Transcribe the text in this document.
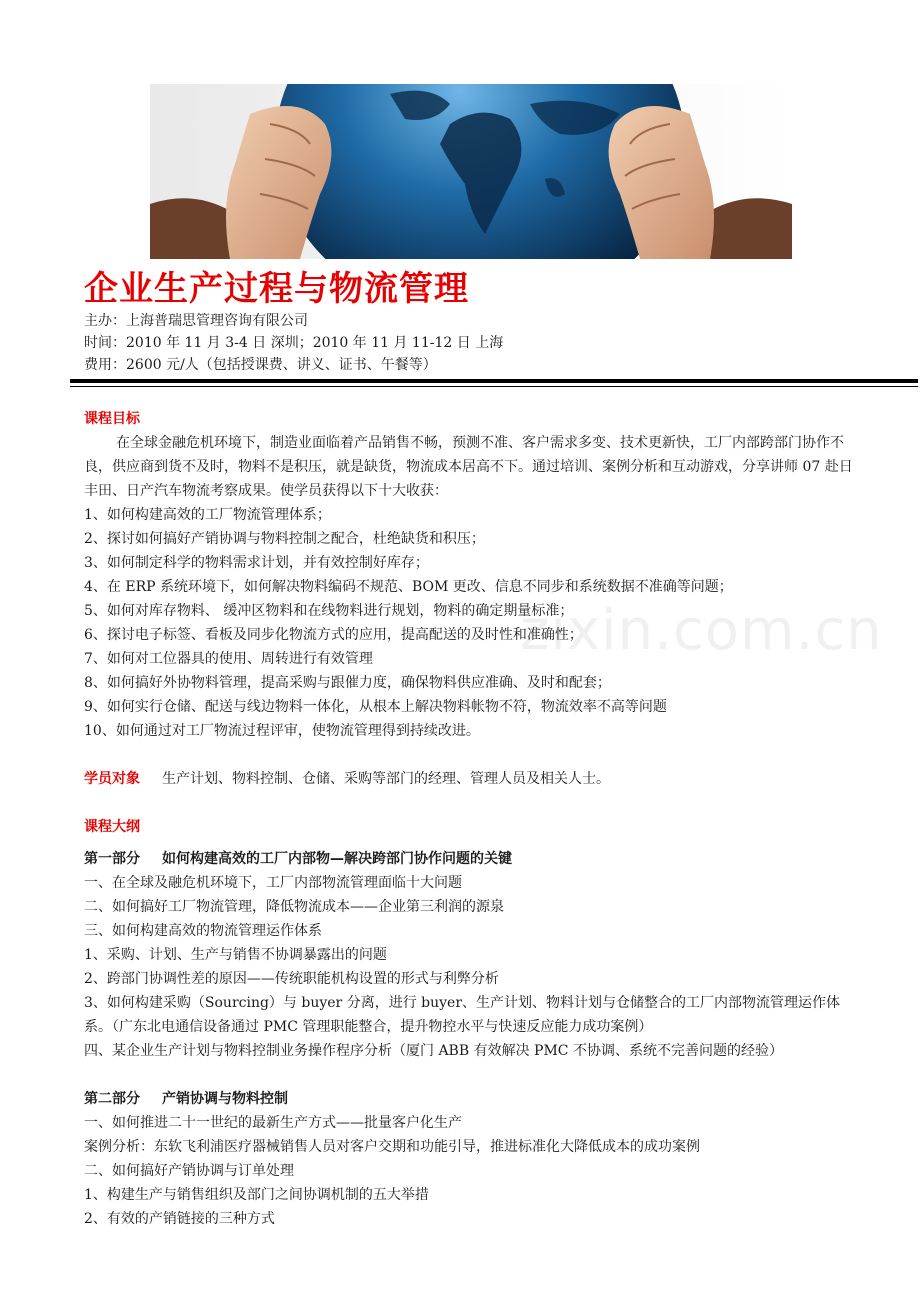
企业生产过程与物流管理
主办：上海普瑞思管理咨询有限公司
时间：2010 年 11 月 3-4 日 深圳；2010 年 11 月 11-12 日 上海
费用：2600 元/人（包括授课费、讲义、证书、午餐等）
zixin.com.cn

课程目标

在全球金融危机环境下，制造业面临着产品销售不畅，预测不准、客户需求多变、技术更新快，工厂内部跨部门协作不良，供应商到货不及时，物料不是积压，就是缺货，物流成本居高不下。通过培训、案例分析和互动游戏，分享讲师 07 赴日丰田、日产汽车物流考察成果。使学员获得以下十大收获：

1、如何构建高效的工厂物流管理体系；

2、探讨如何搞好产销协调与物料控制之配合，杜绝缺货和积压；

3、如何制定科学的物料需求计划，并有效控制好库存；

4、在 ERP 系统环境下，如何解决物料编码不规范、BOM 更改、信息不同步和系统数据不准确等问题；

5、如何对库存物料、 缓冲区物料和在线物料进行规划，物料的确定期量标准；

6、探讨电子标签、看板及同步化物流方式的应用，提高配送的及时性和准确性；

7、如何对工位器具的使用、周转进行有效管理

8、如何搞好外协物料管理，提高采购与跟催力度，确保物料供应准确、及时和配套；

9、如何实行仓储、配送与线边物料一体化，从根本上解决物料帐物不符，物流效率不高等问题

10、如何通过对工厂物流过程评审，使物流管理得到持续改进。

学员对象 生产计划、物料控制、仓储、采购等部门的经理、管理人员及相关人士。

课程大纲

第一部分 如何构建高效的工厂内部物—解决跨部门协作问题的关键

一、在全球及融危机环境下，工厂内部物流管理面临十大问题

二、如何搞好工厂物流管理，降低物流成本——企业第三利润的源泉

三、如何构建高效的物流管理运作体系

1、采购、计划、生产与销售不协调暴露出的问题

2、跨部门协调性差的原因——传统职能机构设置的形式与利弊分析

3、如何构建采购（Sourcing）与 buyer 分离，进行 buyer、生产计划、物料计划与仓储整合的工厂内部物流管理运作体系。（广东北电通信设备通过 PMC 管理职能整合，提升物控水平与快速反应能力成功案例）

四、某企业生产计划与物料控制业务操作程序分析（厦门 ABB 有效解决 PMC 不协调、系统不完善问题的经验）

第二部分 产销协调与物料控制

一、如何推进二十一世纪的最新生产方式——批量客户化生产

案例分析：东软飞利浦医疗器械销售人员对客户交期和功能引导，推进标准化大降低成本的成功案例

二、如何搞好产销协调与订单处理

1、构建生产与销售组织及部门之间协调机制的五大举措

2、有效的产销链接的三种方式
